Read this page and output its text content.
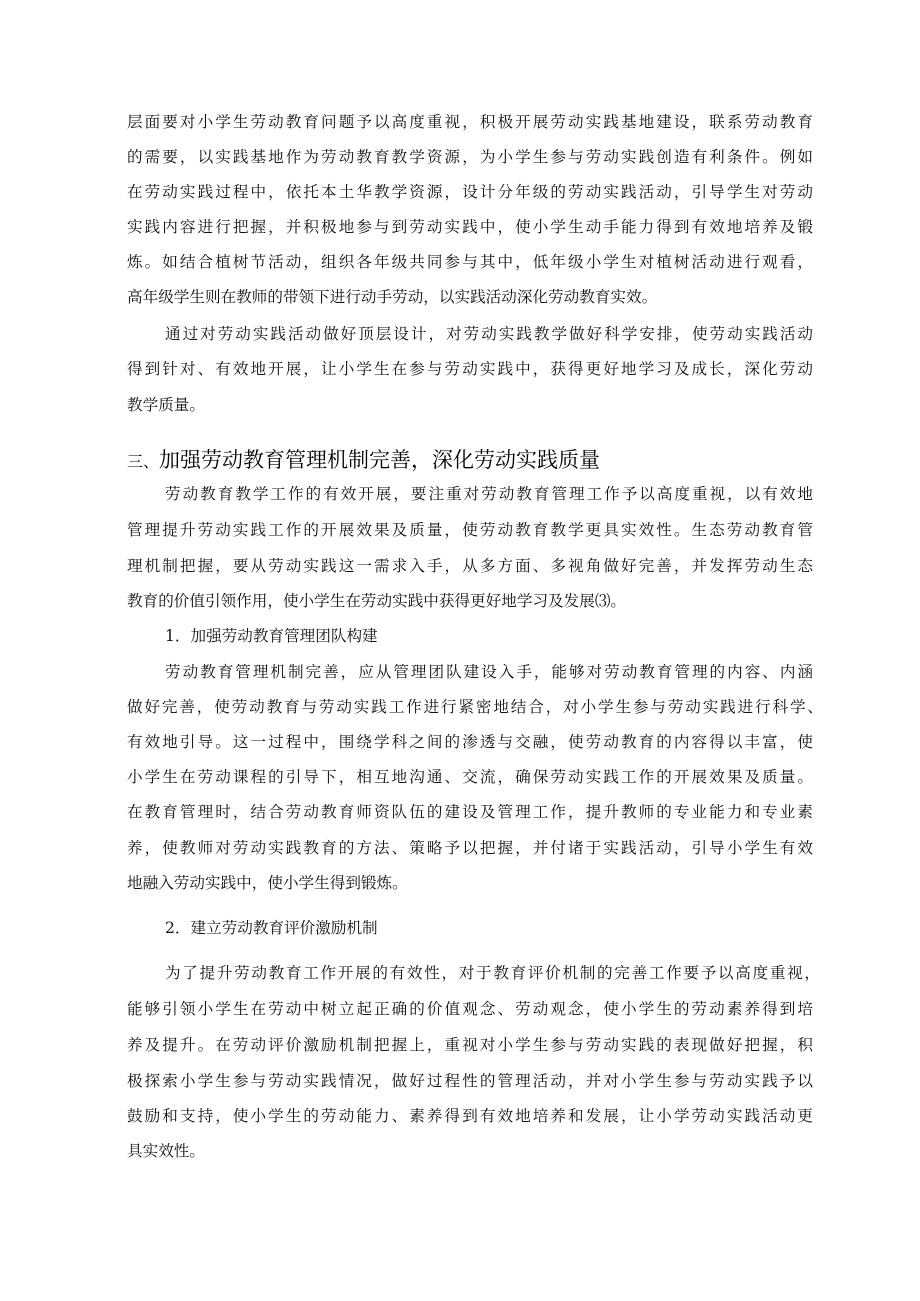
层面要对小学生劳动教育问题予以高度重视，积极开展劳动实践基地建设，联系劳动教育
的需要，以实践基地作为劳动教育教学资源，为小学生参与劳动实践创造有利条件。例如
在劳动实践过程中，依托本土华教学资源，设计分年级的劳动实践活动，引导学生对劳动
实践内容进行把握，并积极地参与到劳动实践中，使小学生动手能力得到有效地培养及锻
炼。如结合植树节活动，组织各年级共同参与其中，低年级小学生对植树活动进行观看，
高年级学生则在教师的带领下进行动手劳动，以实践活动深化劳动教育实效。
通过对劳动实践活动做好顶层设计，对劳动实践教学做好科学安排，使劳动实践活动
得到针对、有效地开展，让小学生在参与劳动实践中，获得更好地学习及成长，深化劳动
教学质量。
三、加强劳动教育管理机制完善，深化劳动实践质量
劳动教育教学工作的有效开展，要注重对劳动教育管理工作予以高度重视，以有效地
管理提升劳动实践工作的开展效果及质量，使劳动教育教学更具实效性。生态劳动教育管
理机制把握，要从劳动实践这一需求入手，从多方面、多视角做好完善，并发挥劳动生态
教育的价值引领作用，使小学生在劳动实践中获得更好地学习及发展⑶。
1．加强劳动教育管理团队构建
劳动教育管理机制完善，应从管理团队建设入手，能够对劳动教育管理的内容、内涵
做好完善，使劳动教育与劳动实践工作进行紧密地结合，对小学生参与劳动实践进行科学、
有效地引导。这一过程中，围绕学科之间的渗透与交融，使劳动教育的内容得以丰富，使
小学生在劳动课程的引导下，相互地沟通、交流，确保劳动实践工作的开展效果及质量。
在教育管理时，结合劳动教育师资队伍的建设及管理工作，提升教师的专业能力和专业素
养，使教师对劳动实践教育的方法、策略予以把握，并付诸于实践活动，引导小学生有效
地融入劳动实践中，使小学生得到锻炼。
2．建立劳动教育评价激励机制
为了提升劳动教育工作开展的有效性，对于教育评价机制的完善工作要予以高度重视，
能够引领小学生在劳动中树立起正确的价值观念、劳动观念，使小学生的劳动素养得到培
养及提升。在劳动评价激励机制把握上，重视对小学生参与劳动实践的表现做好把握，积
极探索小学生参与劳动实践情况，做好过程性的管理活动，并对小学生参与劳动实践予以
鼓励和支持，使小学生的劳动能力、素养得到有效地培养和发展，让小学劳动实践活动更
具实效性。
